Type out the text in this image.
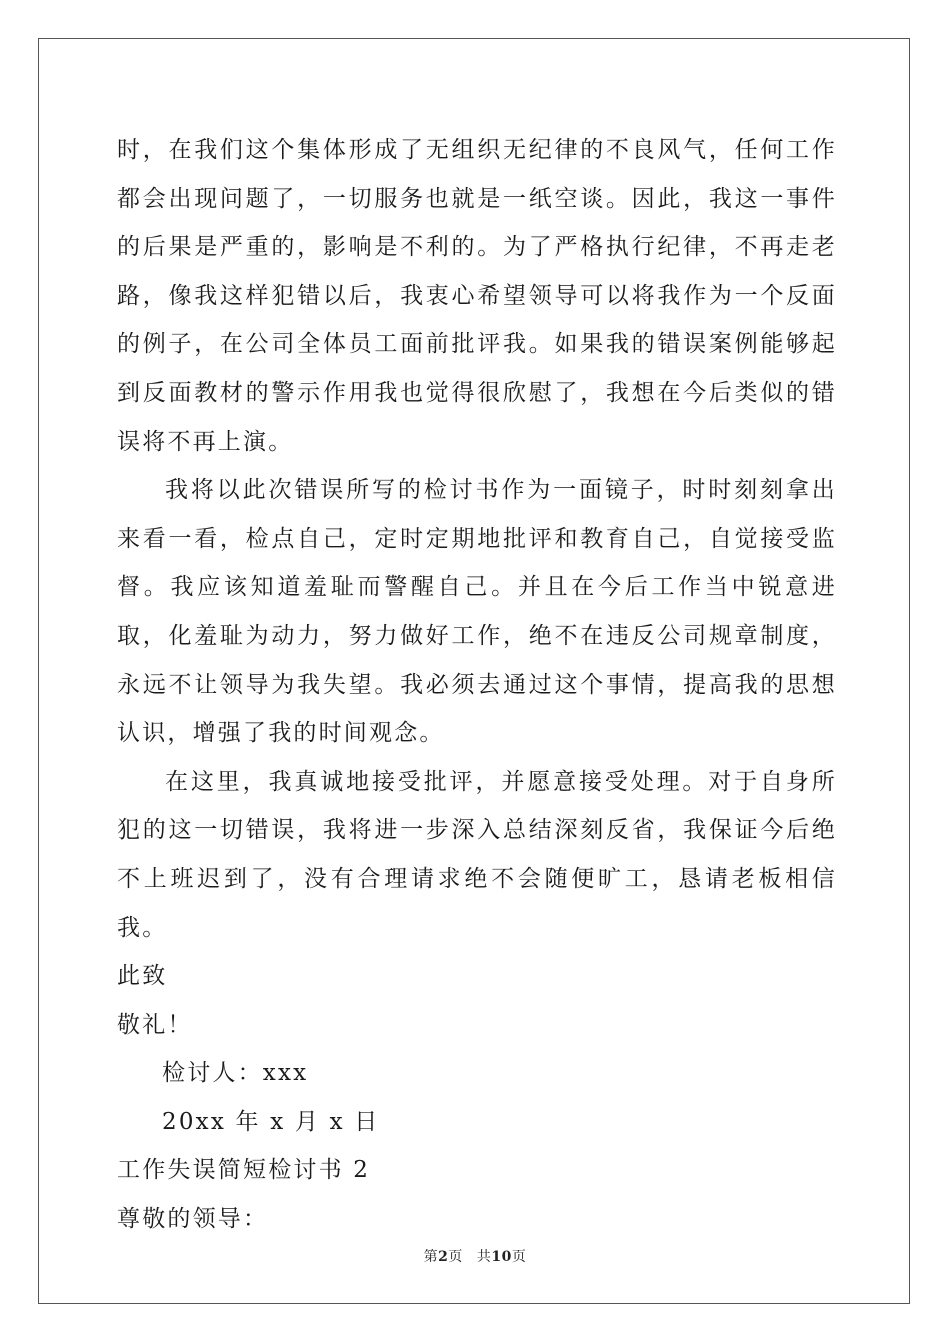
时，在我们这个集体形成了无组织无纪律的不良风气，任何工作都会出现问题了，一切服务也就是一纸空谈。因此，我这一事件的后果是严重的，影响是不利的。为了严格执行纪律，不再走老路，像我这样犯错以后，我衷心希望领导可以将我作为一个反面的例子，在公司全体员工面前批评我。如果我的错误案例能够起到反面教材的警示作用我也觉得很欣慰了，我想在今后类似的错误将不再上演。

我将以此次错误所写的检讨书作为一面镜子，时时刻刻拿出来看一看，检点自己，定时定期地批评和教育自己，自觉接受监督。我应该知道羞耻而警醒自己。并且在今后工作当中锐意进取，化羞耻为动力，努力做好工作，绝不在违反公司规章制度，永远不让领导为我失望。我必须去通过这个事情，提高我的思想认识，增强了我的时间观念。

在这里，我真诚地接受批评，并愿意接受处理。对于自身所犯的这一切错误，我将进一步深入总结深刻反省，我保证今后绝不上班迟到了，没有合理请求绝不会随便旷工，恳请老板相信我。

此致

敬礼！

检讨人：xxx

20xx 年 x 月 x 日

工作失误简短检讨书 2

尊敬的领导：

第2页 共10页
